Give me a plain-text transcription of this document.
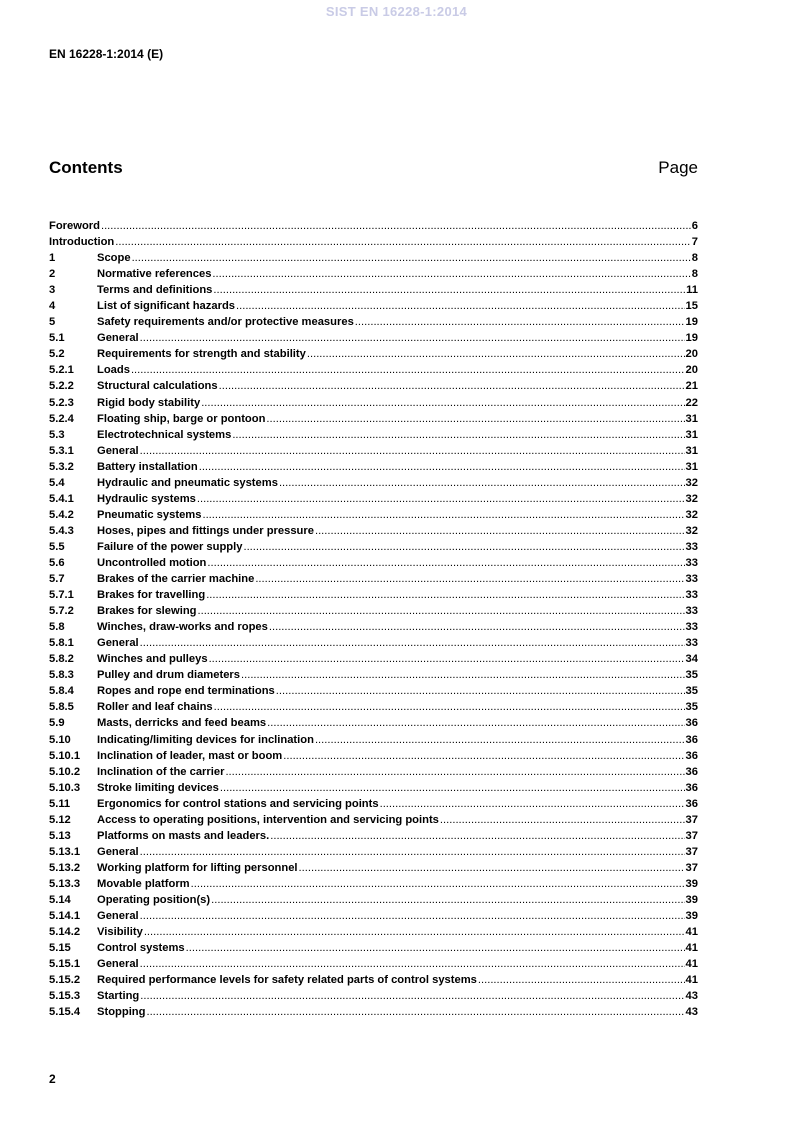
SIST EN 16228-1:2014
EN 16228-1:2014 (E)
Contents	Page
Foreword .....	6
Introduction .....	7
1	Scope .....	8
2	Normative references .....	8
3	Terms and definitions .....	11
4	List of significant hazards .....	15
5	Safety requirements and/or protective measures .....	19
5.1	General .....	19
5.2	Requirements for strength and stability .....	20
5.2.1	Loads .....	20
5.2.2	Structural calculations .....	21
5.2.3	Rigid body stability .....	22
5.2.4	Floating ship, barge or pontoon .....	31
5.3	Electrotechnical systems .....	31
5.3.1	General .....	31
5.3.2	Battery installation .....	31
5.4	Hydraulic and pneumatic systems .....	32
5.4.1	Hydraulic systems .....	32
5.4.2	Pneumatic systems .....	32
5.4.3	Hoses, pipes and fittings under pressure .....	32
5.5	Failure of the power supply .....	33
5.6	Uncontrolled motion .....	33
5.7	Brakes of the carrier machine .....	33
5.7.1	Brakes for travelling .....	33
5.7.2	Brakes for slewing .....	33
5.8	Winches, draw-works and ropes .....	33
5.8.1	General .....	33
5.8.2	Winches and pulleys .....	34
5.8.3	Pulley and drum diameters .....	35
5.8.4	Ropes and rope end terminations .....	35
5.8.5	Roller and leaf chains .....	35
5.9	Masts, derricks and feed beams .....	36
5.10	Indicating/limiting devices for inclination .....	36
5.10.1	Inclination of leader, mast or boom .....	36
5.10.2	Inclination of the carrier .....	36
5.10.3	Stroke limiting devices .....	36
5.11	Ergonomics for control stations and servicing points .....	36
5.12	Access to operating positions, intervention and servicing points .....	37
5.13	Platforms on masts and leaders. .....	37
5.13.1	General .....	37
5.13.2	Working platform for lifting personnel .....	37
5.13.3	Movable platform .....	39
5.14	Operating position(s) .....	39
5.14.1	General .....	39
5.14.2	Visibility .....	41
5.15	Control systems .....	41
5.15.1	General .....	41
5.15.2	Required performance levels for safety related parts of control systems .....	41
5.15.3	Starting .....	43
5.15.4	Stopping .....	43
2
